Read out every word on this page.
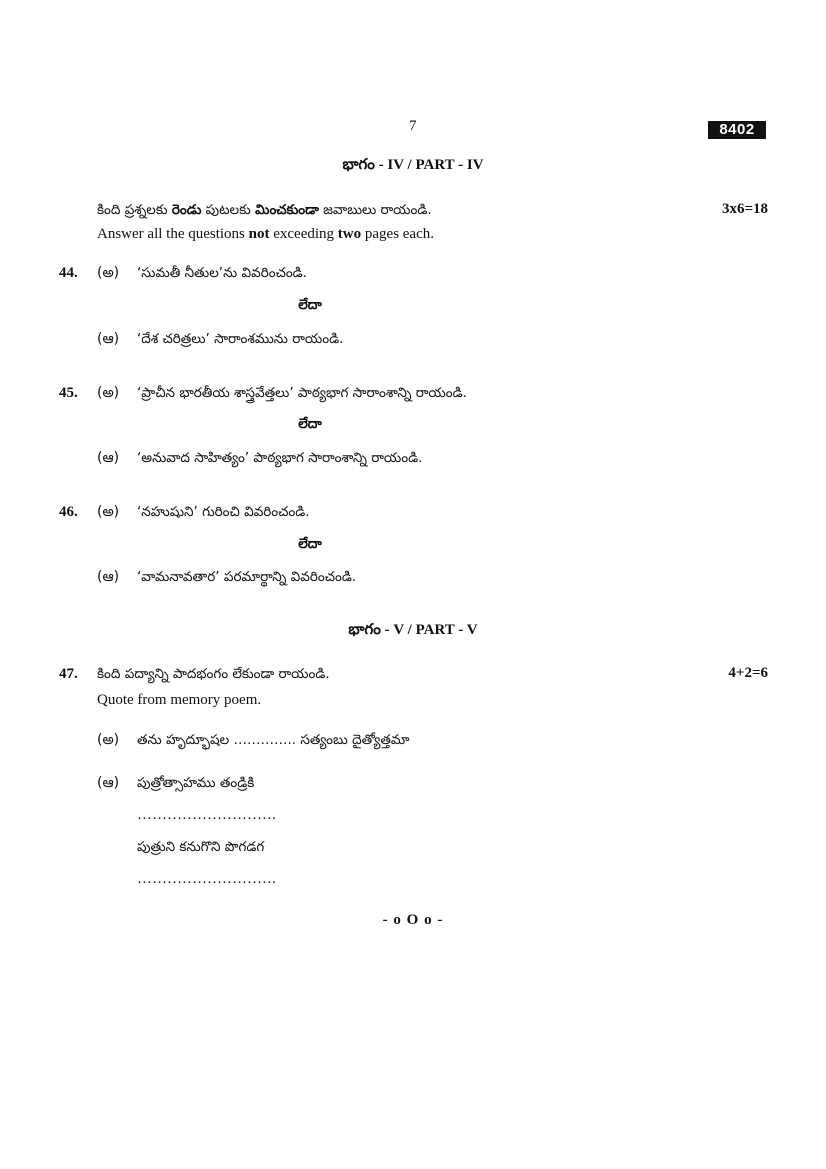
7	8402
భాగం - IV / PART - IV
కింది ప్రశ్నలకు రెండు పుటలకు మించకుండా జవాబులు రాయండి.	3x6=18
Answer all the questions not exceeding two pages each.
44. (అ) ‘సుమతీ నీతుల’ను వివరించండి.
లేదా
(ఆ) ‘దేశ చరిత్రలు’ సారాంశమును రాయండి.
45. (అ) ‘ప్రాచీన భారతీయ శాస్త్రవేత్తలు’ పాఠ్యభాగ సారాంశాన్ని రాయండి.
లేదా
(ఆ) ‘అనువాద సాహిత్యం’ పాఠ్యభాగ సారాంశాన్ని రాయండి.
46. (అ) ‘నహుషుని’ గురించి వివరించండి.
లేదా
(ఆ) ‘వామనావతార’ పరమార్థాన్ని వివరించండి.
భాగం - V / PART - V
47. కింది పద్యాన్ని పాదభంగం లేకుండా రాయండి.	4+2=6
Quote from memory poem.
(అ) తను హృద్భూషల ………….. సత్యంబు దైత్యోత్తమా
(ఆ) పుత్రోత్సాహము తండ్రికి
……………………….
పుత్రుని కనుగొని పొగడగ
……………………….
- o O o -
